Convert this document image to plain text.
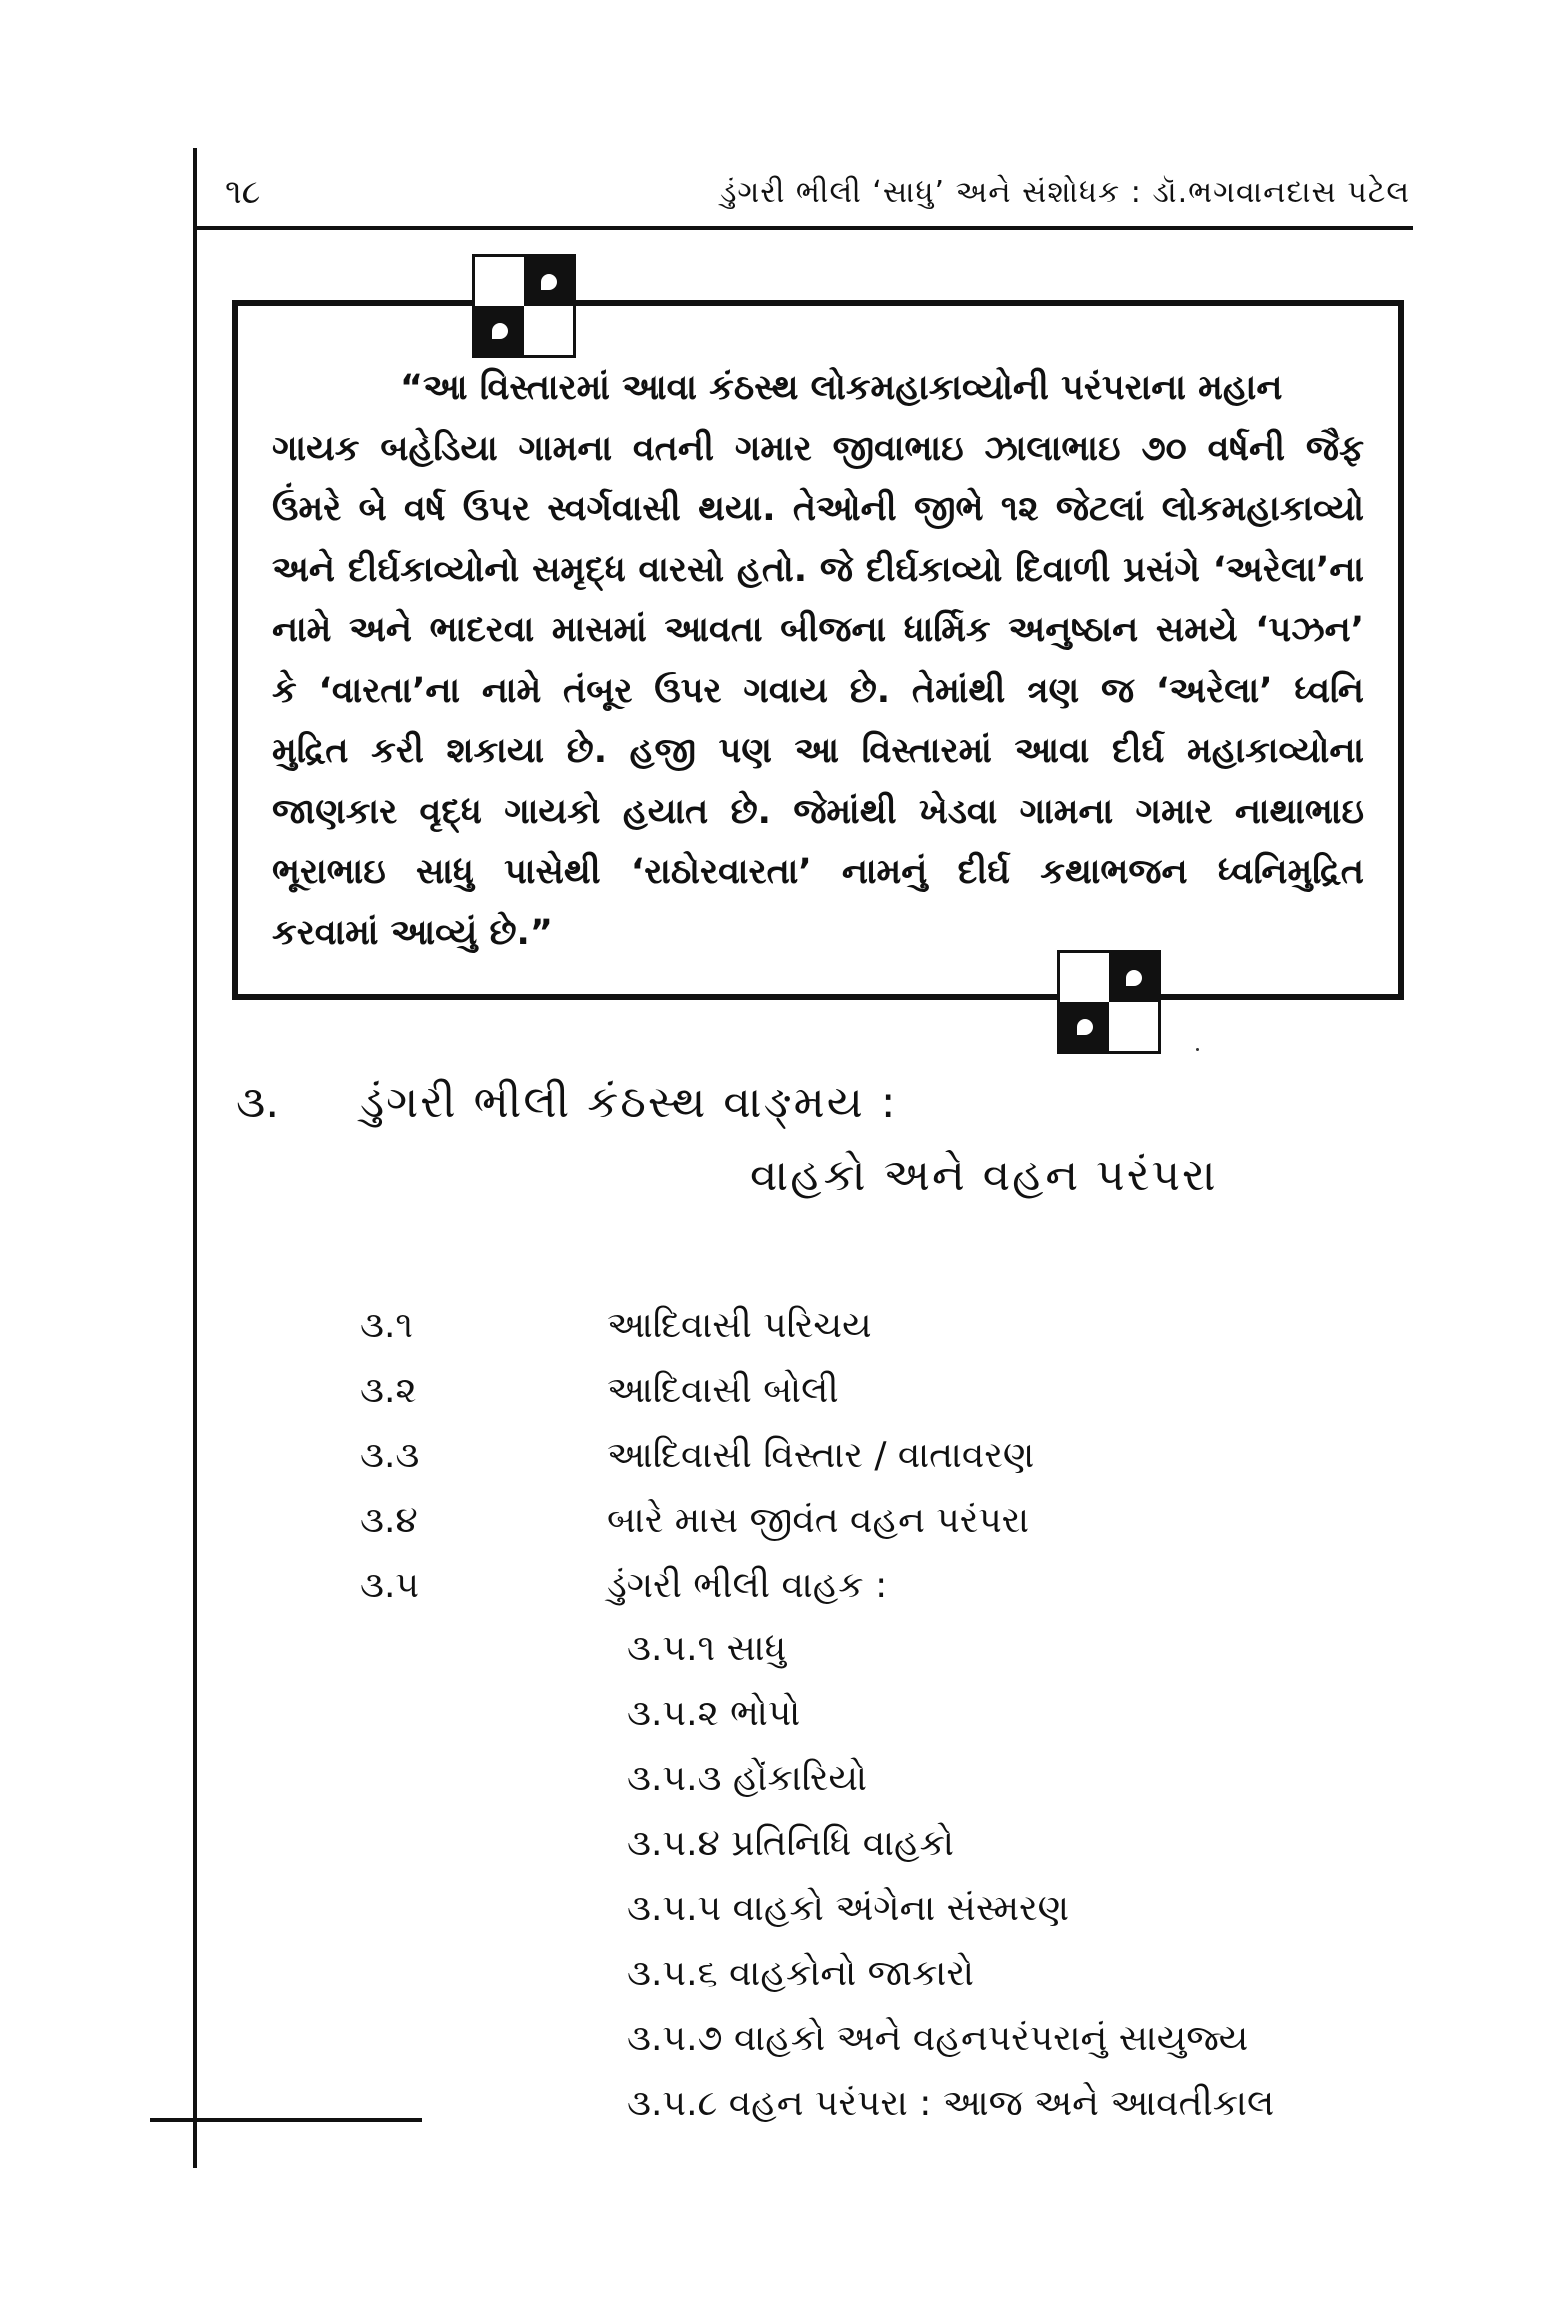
૧૮	ડુંગરી ભીલી ‘સાધુ’ અને સંશોધક : ડૉ.ભગવાનદાસ પટેલ
“આ વિસ્તારમાં આવા કંઠસ્થ લોકમહાકાવ્યોની પરંપરાના મહાન
ગાયક બહેડિયા ગામના વતની ગમાર જીવાભાઇ ઝાલાભાઇ ૭૦ વર્ષની જૈફ
ઉંમરે બે વર્ષ ઉપર સ્વર્ગવાસી થયા. તેઓની જીભે ૧૨ જેટલાં લોકમહાકાવ્યો
અને દીર્ઘકાવ્યોનો સમૃદ્ધ વારસો હતો. જે દીર્ઘકાવ્યો દિવાળી પ્રસંગે ‘અરેલા’ના
નામે અને ભાદરવા માસમાં આવતા બીજના ધાર્મિક અનુષ્ઠાન સમયે ‘પઝન’
કે ‘વારતા’ના નામે તંબૂર ઉપર ગવાય છે. તેમાંથી ત્રણ જ ‘અરેલા’ ધ્વનિ
મુદ્રિત કરી શકાયા છે. હજી પણ આ વિસ્તારમાં આવા દીર્ઘ મહાકાવ્યોના
જાણકાર વૃદ્ધ ગાયકો હયાત છે. જેમાંથી ખેડવા ગામના ગમાર નાથાભાઇ
ભૂરાભાઇ સાધુ પાસેથી ‘રાઠોરવારતા’ નામનું દીર્ઘ કથાભજન ધ્વનિમુદ્રિત
કરવામાં આવ્યું છે.”
૩. ડુંગરી ભીલી કંઠસ્થ વાઙ્મય :
વાહકો અને વહન પરંપરા
૩.૧	આદિવાસી પરિચય
૩.૨	આદિવાસી બોલી
૩.૩	આદિવાસી વિસ્તાર / વાતાવરણ
૩.૪	બારે માસ જીવંત વહન પરંપરા
૩.૫	ડુંગરી ભીલી વાહક :
૩.૫.૧ સાધુ
૩.૫.૨ ભોપો
૩.૫.૩ હોંકારિયો
૩.૫.૪ પ્રતિનિધિ વાહકો
૩.૫.૫ વાહકો અંગેના સંસ્મરણ
૩.૫.૬ વાહકોનો જાકારો
૩.૫.૭ વાહકો અને વહનપરંપરાનું સાયુજ્ય
૩.૫.૮ વહન પરંપરા : આજ અને આવતીકાલ
